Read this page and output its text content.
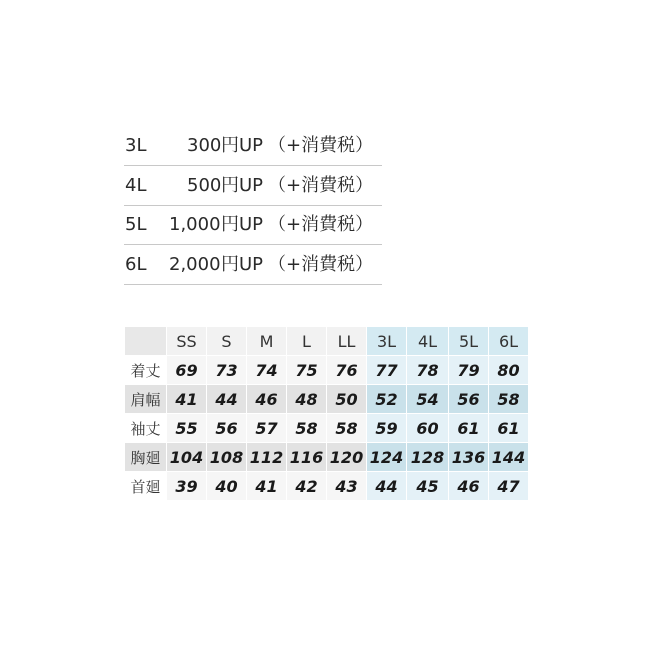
3L 300 円UP （+消費税）
4L 500 円UP （+消費税）
5L 1,000 円UP （+消費税）
6L 2,000 円UP （+消費税）
	SS	S	M	L	LL	3L	4L	5L	6L
着丈	69	73	74	75	76	77	78	79	80
肩幅	41	44	46	48	50	52	54	56	58
袖丈	55	56	57	58	58	59	60	61	61
胸廻	104	108	112	116	120	124	128	136	144
首廻	39	40	41	42	43	44	45	46	47
